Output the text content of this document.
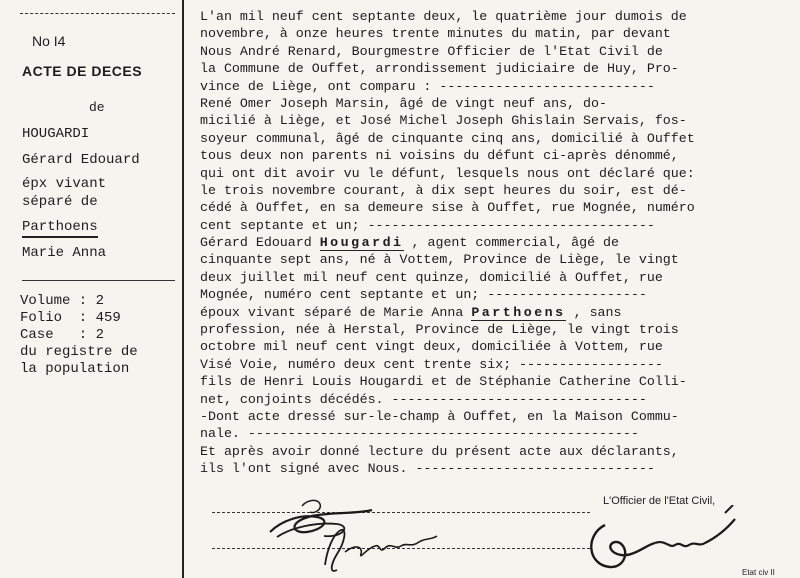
No I4
ACTE DE DECES
de
HOUGARDI
Gérard Edouard
épx vivant
séparé de
Parthoens
Marie Anna
Volume : 2
Folio  : 459
Case   : 2
du registre de
la population
L'an mil neuf cent septante deux, le quatrième jour dumois de
novembre, à onze heures trente minutes du matin, par devant
Nous André Renard, Bourgmestre Officier de l'Etat Civil de
la Commune de Ouffet, arrondissement judiciaire de Huy, Pro-
vince de Liège, ont comparu : ---------------------------
René Omer Joseph Marsin, âgé de vingt neuf ans, do-
micilié à Liège, et José Michel Joseph Ghislain Servais, fos-
soyeur communal, âgé de cinquante cinq ans, domicilié à Ouffet
tous deux non parents ni voisins du défunt ci-après dénommé,
qui ont dit avoir vu le défunt, lesquels nous ont déclaré que:
le trois novembre courant, à dix sept heures du soir, est dé-
cédé à Ouffet, en sa demeure sise à Ouffet, rue Mognée, numéro
cent septante et un; ------------------------------------
Gérard Edouard Hougardi , agent commercial, âgé de
cinquante sept ans, né à Vottem, Province de Liège, le vingt
deux juillet mil neuf cent quinze, domicilié à Ouffet, rue
Mognée, numéro cent septante et un; --------------------
époux vivant séparé de Marie Anna Parthoens , sans
profession, née à Herstal, Province de Liège, le vingt trois
octobre mil neuf cent vingt deux, domiciliée à Vottem, rue
Visé Voie, numéro deux cent trente six; ------------------
fils de Henri Louis Hougardi et de Stéphanie Catherine Colli-
net, conjoints décédés. --------------------------------
-Dont acte dressé sur-le-champ à Ouffet, en la Maison Commu-
nale. -------------------------------------------------
Et après avoir donné lecture du présent acte aux déclarants,
ils l'ont signé avec Nous. ------------------------------
L'Officier de l'Etat Civil,
Etat civ II
